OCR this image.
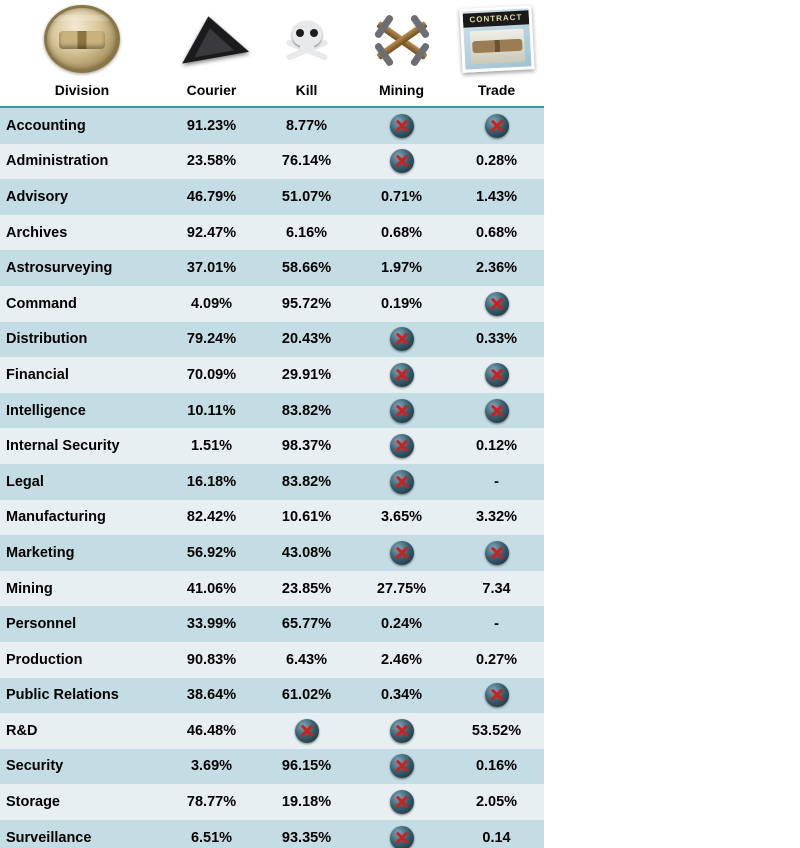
				CONTRACT

Division	Courier	Kill	Mining	Trade
Accounting	91.23%	8.77%		
Administration	23.58%	76.14%		0.28%
Advisory	46.79%	51.07%	0.71%	1.43%
Archives	92.47%	6.16%	0.68%	0.68%
Astrosurveying	37.01%	58.66%	1.97%	2.36%
Command	4.09%	95.72%	0.19%	
Distribution	79.24%	20.43%		0.33%
Financial	70.09%	29.91%		
Intelligence	10.11%	83.82%		
Internal Security	1.51%	98.37%		0.12%
Legal	16.18%	83.82%		-
Manufacturing	82.42%	10.61%	3.65%	3.32%
Marketing	56.92%	43.08%		
Mining	41.06%	23.85%	27.75%	7.34
Personnel	33.99%	65.77%	0.24%	-
Production	90.83%	6.43%	2.46%	0.27%
Public Relations	38.64%	61.02%	0.34%	
R&D	46.48%			53.52%
Security	3.69%	96.15%		0.16%
Storage	78.77%	19.18%		2.05%
Surveillance	6.51%	93.35%		0.14
